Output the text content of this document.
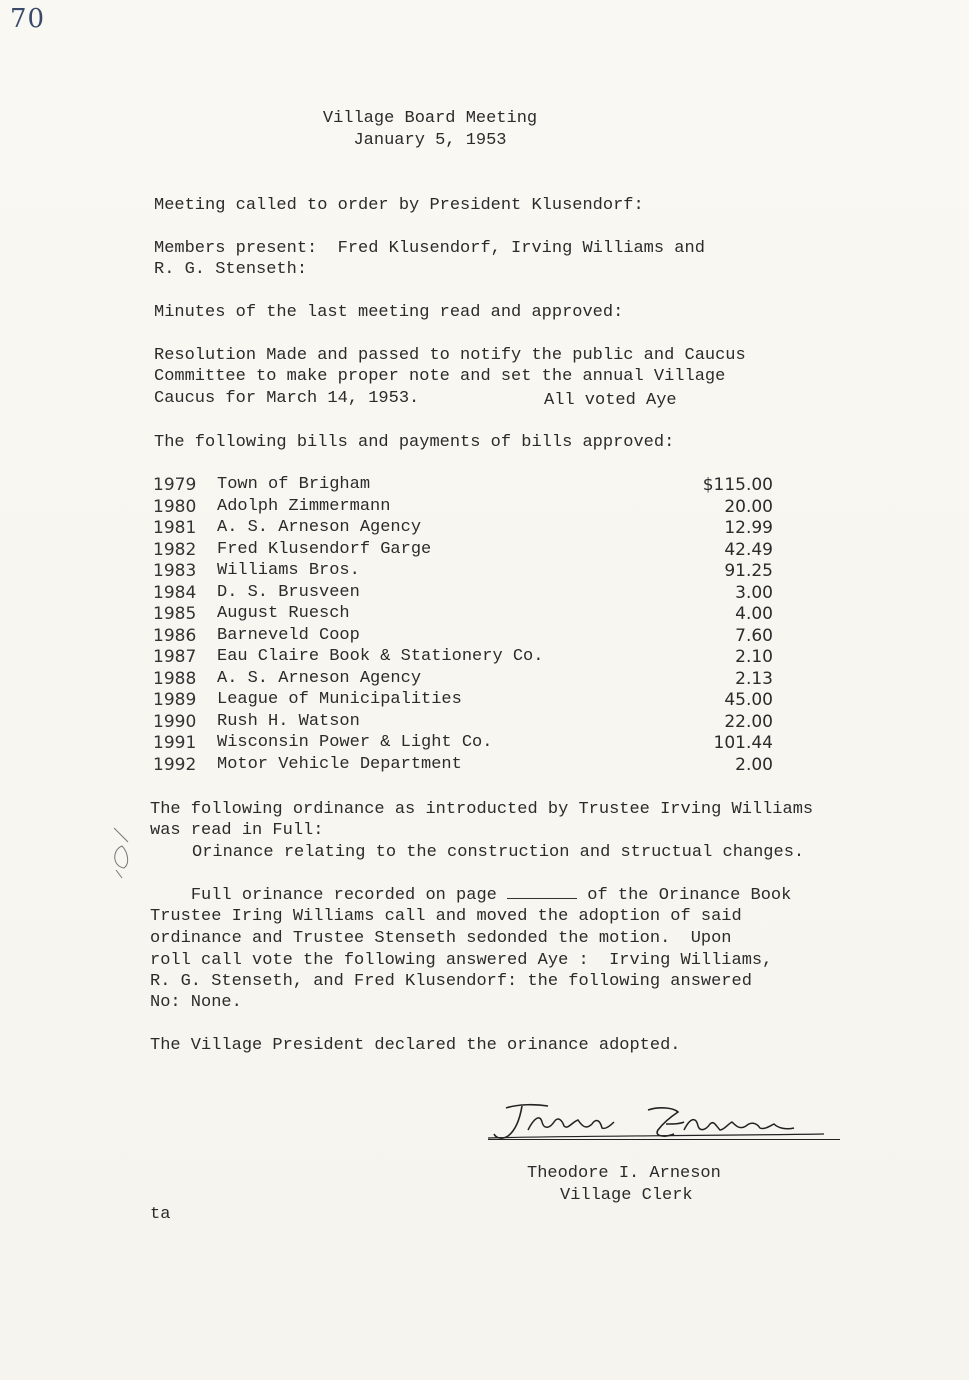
70
Village Board Meeting
January 5, 1953
Meeting called to order by President Klusendorf:
Members present:  Fred Klusendorf, Irving Williams and
R. G. Stenseth:
Minutes of the last meeting read and approved:
Resolution Made and passed to notify the public and Caucus
Committee to make proper note and set the annual Village
Caucus for March 14, 1953.	All voted Aye
The following bills and payments of bills approved:
1979 Town of Brigham	$115.00
1980 Adolph Zimmermann	20.00
1981 A. S. Arneson Agency	12.99
1982 Fred Klusendorf Garge	42.49
1983 Williams Bros.	91.25
1984 D. S. Brusveen	3.00
1985 August Ruesch	4.00
1986 Barneveld Coop	7.60
1987 Eau Claire Book & Stationery Co.	2.10
1988 A. S. Arneson Agency	2.13
1989 League of Municipalities	45.00
1990 Rush H. Watson	22.00
1991 Wisconsin Power & Light Co.	101.44
1992 Motor Vehicle Department	2.00
The following ordinance as introducted by Trustee Irving Williams
was read in Full:
Orinance relating to the construction and structual changes.

Full orinance recorded on page	of the Orinance Book

Trustee Iring Williams call and moved the adoption of said
ordinance and Trustee Stenseth sedonded the motion.  Upon
roll call vote the following answered Aye :  Irving Williams,
R. G. Stenseth, and Fred Klusendorf: the following answered
No: None.
The Village President declared the orinance adopted.
Theodore I. Arneson
Village Clerk
ta
